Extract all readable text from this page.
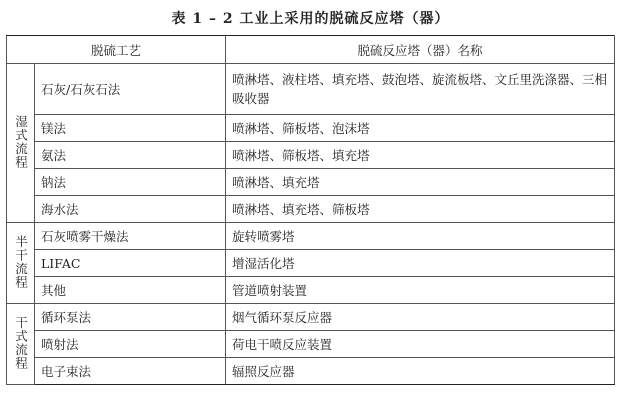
表 1 – 2 工业上采用的脱硫反应塔（器）
脱硫工艺		脱硫反应塔（器）名称
湿式流程	石灰/石灰石法	喷淋塔、液柱塔、填充塔、鼓泡塔、旋流板塔、文丘里洗涤器、三相吸收器
	镁法	喷淋塔、筛板塔、泡沫塔
	氨法	喷淋塔、筛板塔、填充塔
	钠法	喷淋塔、填充塔
	海水法	喷淋塔、填充塔、筛板塔
半干流程	石灰喷雾干燥法	旋转喷雾塔
	LIFAC	增湿活化塔
	其他	管道喷射装置
干式流程	循环泵法	烟气循环泵反应器
	喷射法	荷电干喷反应装置
	电子束法	辐照反应器
